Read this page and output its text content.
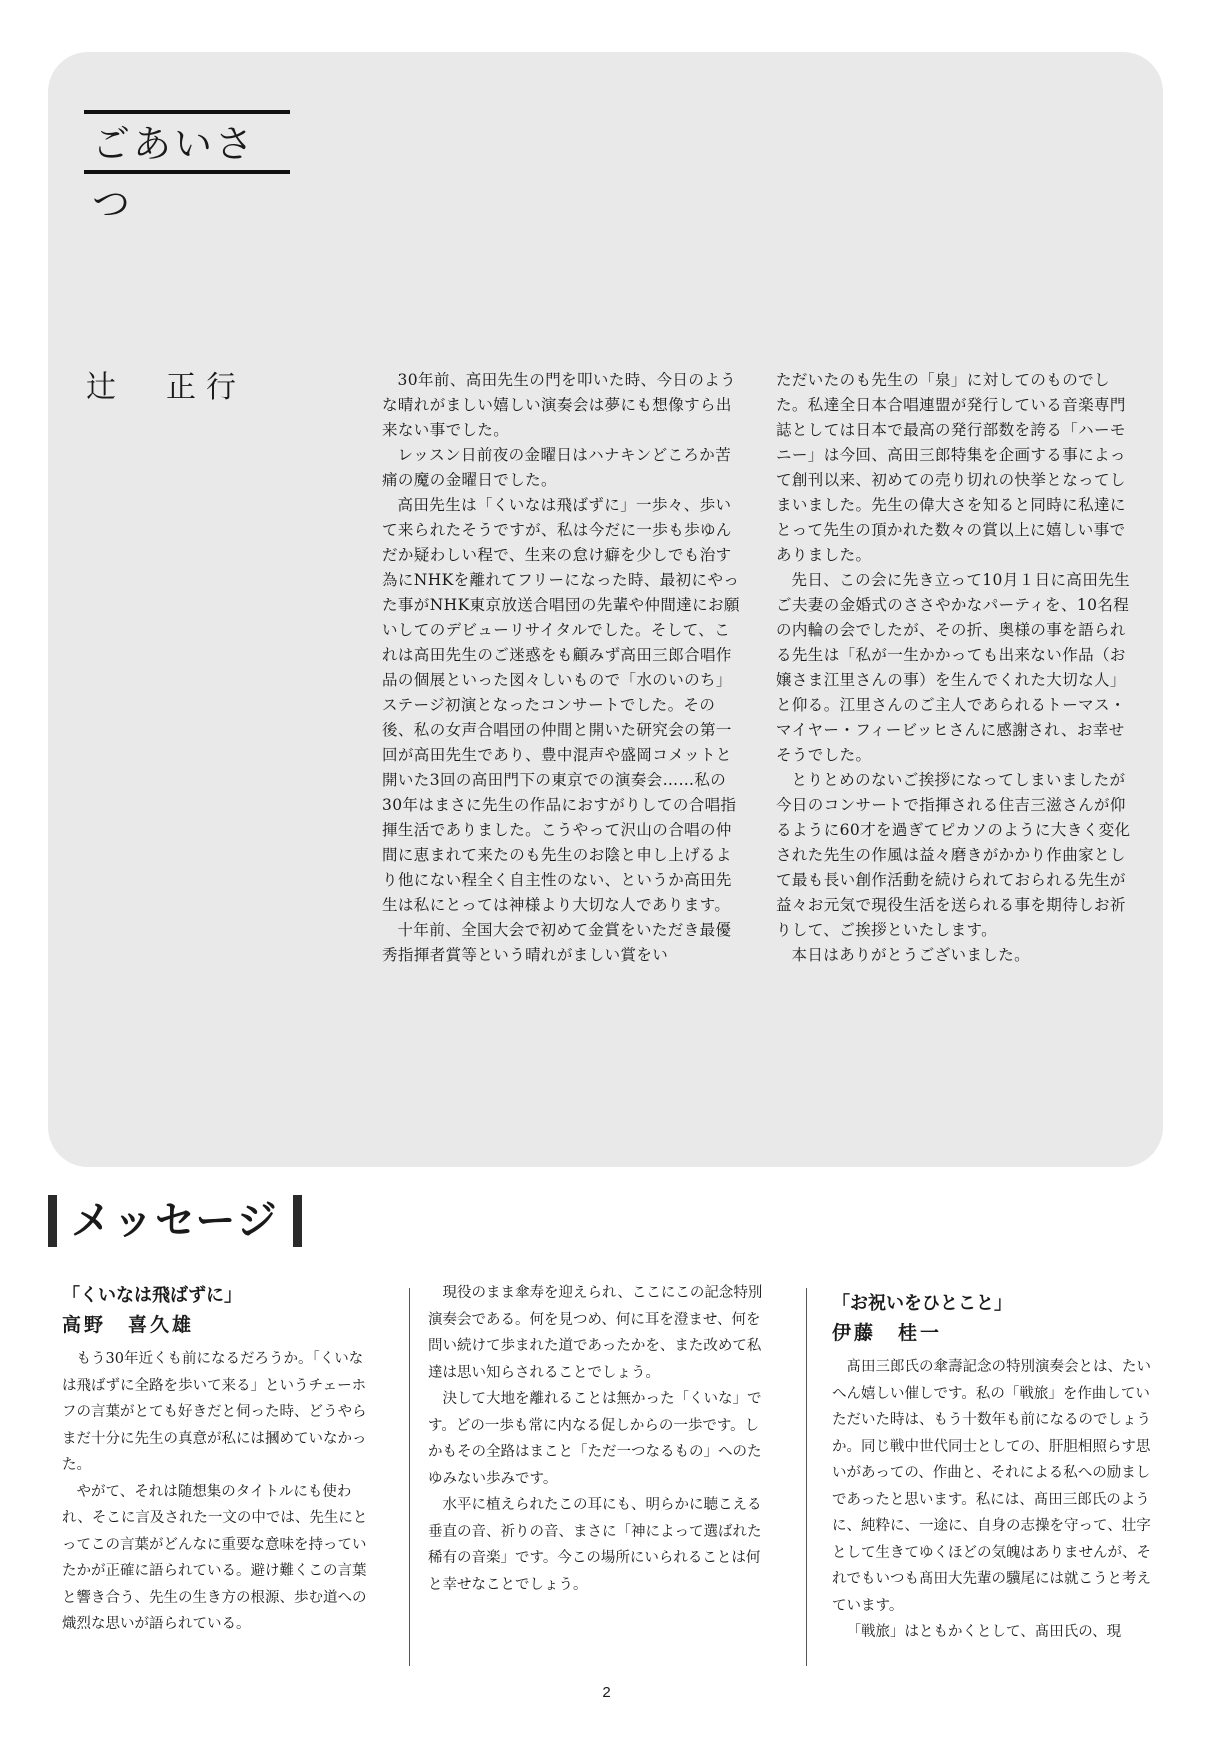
ごあいさつ
辻　正行	30年前、高田先生の門を叩いた時、今日のような晴れがましい嬉しい演奏会は夢にも想像すら出来ない事でした。

レッスン日前夜の金曜日はハナキンどころか苦痛の魔の金曜日でした。

高田先生は「くいなは飛ばずに」一歩々、歩いて来られたそうですが、私は今だに一歩も歩ゆんだか疑わしい程で、生来の怠け癖を少しでも治す為にNHKを離れてフリーになった時、最初にやった事がNHK東京放送合唱団の先輩や仲間達にお願いしてのデビューリサイタルでした。そして、これは高田先生のご迷惑をも顧みず高田三郎合唱作品の個展といった図々しいもので「水のいのち」ステージ初演となったコンサートでした。その後、私の女声合唱団の仲間と開いた研究会の第一回が高田先生であり、豊中混声や盛岡コメットと開いた3回の高田門下の東京での演奏会……私の30年はまさに先生の作品におすがりしての合唱指揮生活でありました。こうやって沢山の合唱の仲間に恵まれて来たのも先生のお陰と申し上げるより他にない程全く自主性のない、というか高田先生は私にとっては神様より大切な人であります。

十年前、全国大会で初めて金賞をいただき最優秀指揮者賞等という晴れがましい賞をい

ただいたのも先生の「泉」に対してのものでした。私達全日本合唱連盟が発行している音楽専門誌としては日本で最高の発行部数を誇る「ハーモニー」は今回、高田三郎特集を企画する事によって創刊以来、初めての売り切れの快挙となってしまいました。先生の偉大さを知ると同時に私達にとって先生の頂かれた数々の賞以上に嬉しい事でありました。

先日、この会に先き立って10月１日に高田先生ご夫妻の金婚式のささやかなパーティを、10名程の内輪の会でしたが、その折、奥様の事を語られる先生は「私が一生かかっても出来ない作品（お嬢さま江里さんの事）を生んでくれた大切な人」と仰る。江里さんのご主人であられるトーマス・マイヤー・フィービッヒさんに感謝され、お幸せそうでした。

とりとめのないご挨拶になってしまいましたが今日のコンサートで指揮される住吉三滋さんが仰るように60才を過ぎてピカソのように大きく変化された先生の作風は益々磨きがかかり作曲家として最も長い創作活動を続けられておられる先生が益々お元気で現役生活を送られる事を期待しお祈りして、ご挨拶といたします。

本日はありがとうございました。

メッセージ
「くいなは飛ばずに」
高野　喜久雄

もう30年近くも前になるだろうか。「くいなは飛ばずに全路を歩いて来る」というチェーホフの言葉がとても好きだと伺った時、どうやらまだ十分に先生の真意が私には摑めていなかった。

やがて、それは随想集のタイトルにも使われ、そこに言及された一文の中では、先生にとってこの言葉がどんなに重要な意味を持っていたかが正確に語られている。避け難くこの言葉と響き合う、先生の生き方の根源、歩む道への熾烈な思いが語られている。

現役のまま傘寿を迎えられ、ここにこの記念特別演奏会である。何を見つめ、何に耳を澄ませ、何を問い続けて歩まれた道であったかを、また改めて私達は思い知らされることでしょう。

決して大地を離れることは無かった「くいな」です。どの一歩も常に内なる促しからの一歩です。しかもその全路はまこと「ただ一つなるもの」へのたゆみない歩みです。

水平に植えられたこの耳にも、明らかに聴こえる垂直の音、祈りの音、まさに「神によって選ばれた稀有の音楽」です。今この場所にいられることは何と幸せなことでしょう。

「お祝いをひとこと」
伊藤　桂一

髙田三郎氏の傘壽記念の特別演奏会とは、たいへん嬉しい催しです。私の「戦旅」を作曲していただいた時は、もう十数年も前になるのでしょうか。同じ戦中世代同士としての、肝胆相照らす思いがあっての、作曲と、それによる私への励ましであったと思います。私には、髙田三郎氏のように、純粋に、一途に、自身の志操を守って、壮字として生きてゆくほどの気魄はありませんが、それでもいつも髙田大先輩の驥尾には就こうと考えています。

「戦旅」はともかくとして、髙田氏の、現

2
